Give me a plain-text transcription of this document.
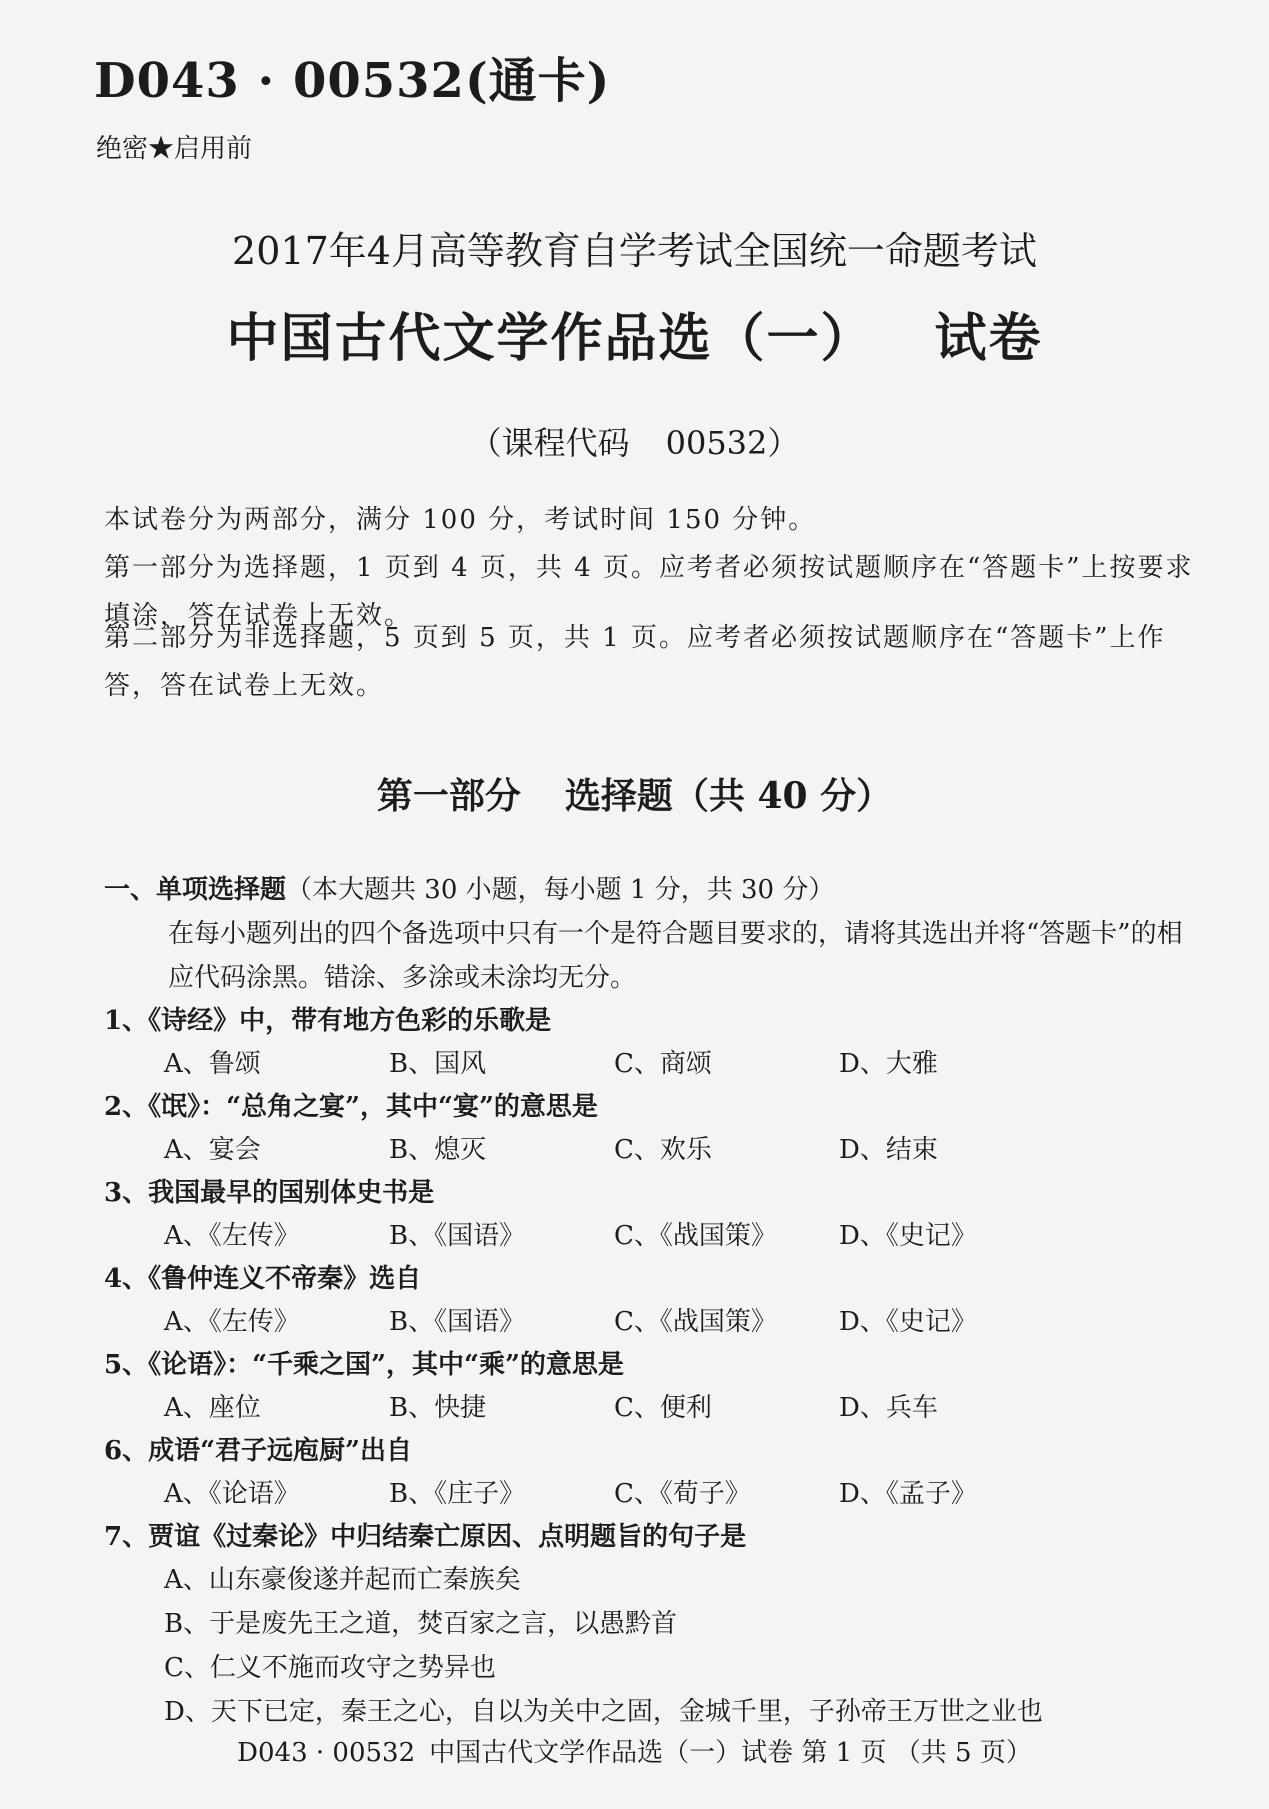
D043 · 00532(通卡)
绝密★启用前
2017年4月高等教育自学考试全国统一命题考试
中国古代文学作品选（一） 试卷
（课程代码 00532）

本试卷分为两部分，满分 100 分，考试时间 150 分钟。

第一部分为选择题，1 页到 4 页，共 4 页。应考者必须按试题顺序在“答题卡”上按要求填涂，答在试卷上无效。

第二部分为非选择题，5 页到 5 页，共 1 页。应考者必须按试题顺序在“答题卡”上作答，答在试卷上无效。

第一部分 选择题（共 40 分）
一、单项选择题（本大题共 30 小题，每小题 1 分，共 30 分）
在每小题列出的四个备选项中只有一个是符合题目要求的，请将其选出并将“答题卡”的相应代码涂黑。错涂、多涂或未涂均无分。
1、《诗经》中，带有地方色彩的乐歌是
A、鲁颂	B、国风	C、商颂	D、大雅
2、《氓》：“总角之宴”，其中“宴”的意思是
A、宴会	B、熄灭	C、欢乐	D、结束
3、我国最早的国别体史书是
A、《左传》	B、《国语》	C、《战国策》	D、《史记》
4、《鲁仲连义不帝秦》选自
A、《左传》	B、《国语》	C、《战国策》	D、《史记》
5、《论语》：“千乘之国”，其中“乘”的意思是
A、座位	B、快捷	C、便利	D、兵车
6、成语“君子远庖厨”出自
A、《论语》	B、《庄子》	C、《荀子》	D、《孟子》
7、贾谊《过秦论》中归结秦亡原因、点明题旨的句子是
A、山东豪俊遂并起而亡秦族矣
B、于是废先王之道，焚百家之言，以愚黔首
C、仁义不施而攻守之势异也
D、天下已定，秦王之心，自以为关中之固，金城千里，子孙帝王万世之业也
D043 · 00532 中国古代文学作品选（一）试卷 第 1 页 （共 5 页）
